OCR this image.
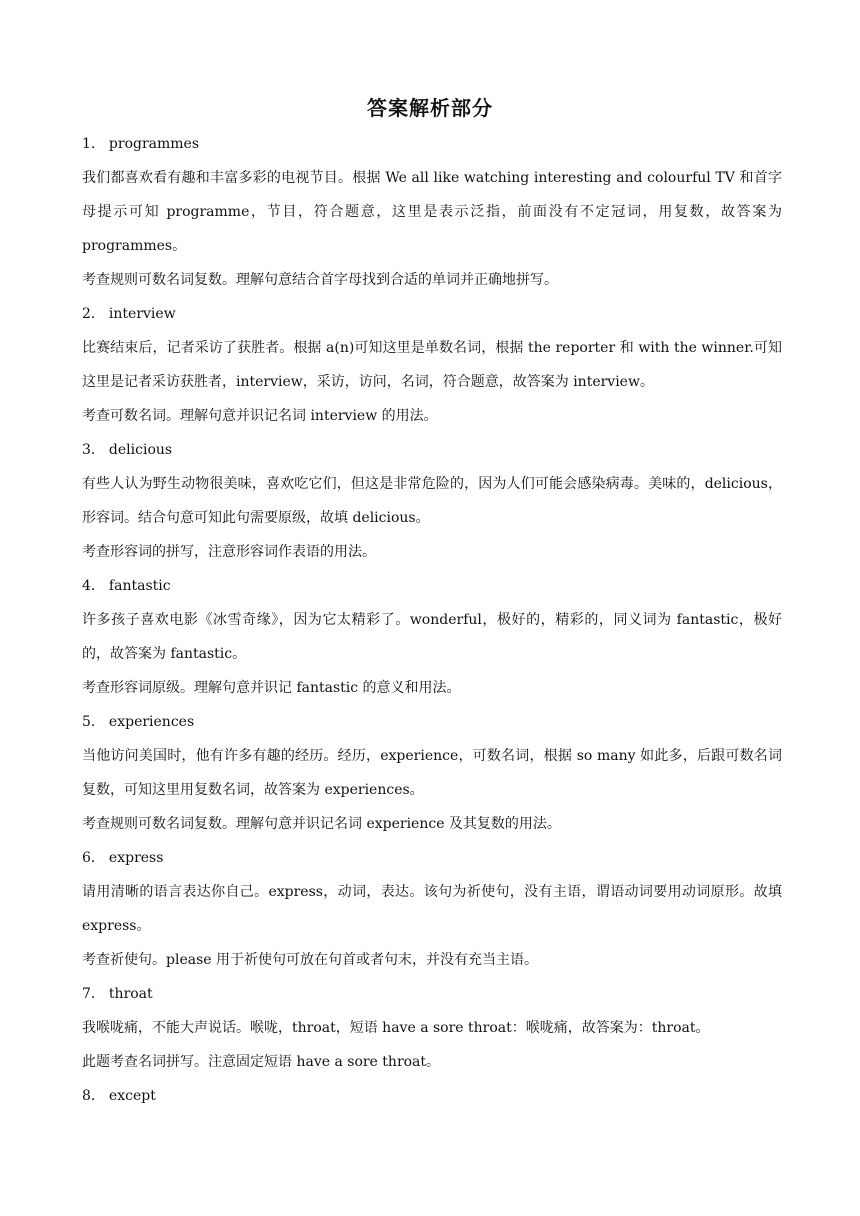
答案解析部分
1． programmes

我们都喜欢看有趣和丰富多彩的电视节目。根据 We all like watching interesting and colourful TV 和首字母提示可知 programme，节目，符合题意，这里是表示泛指，前面没有不定冠词，用复数，故答案为 programmes。

考查规则可数名词复数。理解句意结合首字母找到合适的单词并正确地拼写。

2． interview

比赛结束后，记者采访了获胜者。根据 a(n)可知这里是单数名词，根据 the reporter 和 with the winner.可知这里是记者采访获胜者，interview，采访，访问，名词，符合题意，故答案为 interview。

考查可数名词。理解句意并识记名词 interview 的用法。

3． delicious

有些人认为野生动物很美味，喜欢吃它们，但这是非常危险的，因为人们可能会感染病毒。美味的，delicious，形容词。结合句意可知此句需要原级，故填 delicious。

考查形容词的拼写，注意形容词作表语的用法。

4． fantastic

许多孩子喜欢电影《冰雪奇缘》，因为它太精彩了。wonderful，极好的，精彩的，同义词为 fantastic，极好的，故答案为 fantastic。

考查形容词原级。理解句意并识记 fantastic 的意义和用法。

5． experiences

当他访问美国时，他有许多有趣的经历。经历，experience，可数名词，根据 so many 如此多，后跟可数名词复数，可知这里用复数名词，故答案为 experiences。

考查规则可数名词复数。理解句意并识记名词 experience 及其复数的用法。

6． express

请用清晰的语言表达你自己。express，动词，表达。该句为祈使句，没有主语，谓语动词要用动词原形。故填 express。

考查祈使句。please 用于祈使句可放在句首或者句末，并没有充当主语。

7． throat

我喉咙痛，不能大声说话。喉咙，throat，短语 have a sore throat：喉咙痛，故答案为：throat。

此题考查名词拼写。注意固定短语 have a sore throat。

8． except
